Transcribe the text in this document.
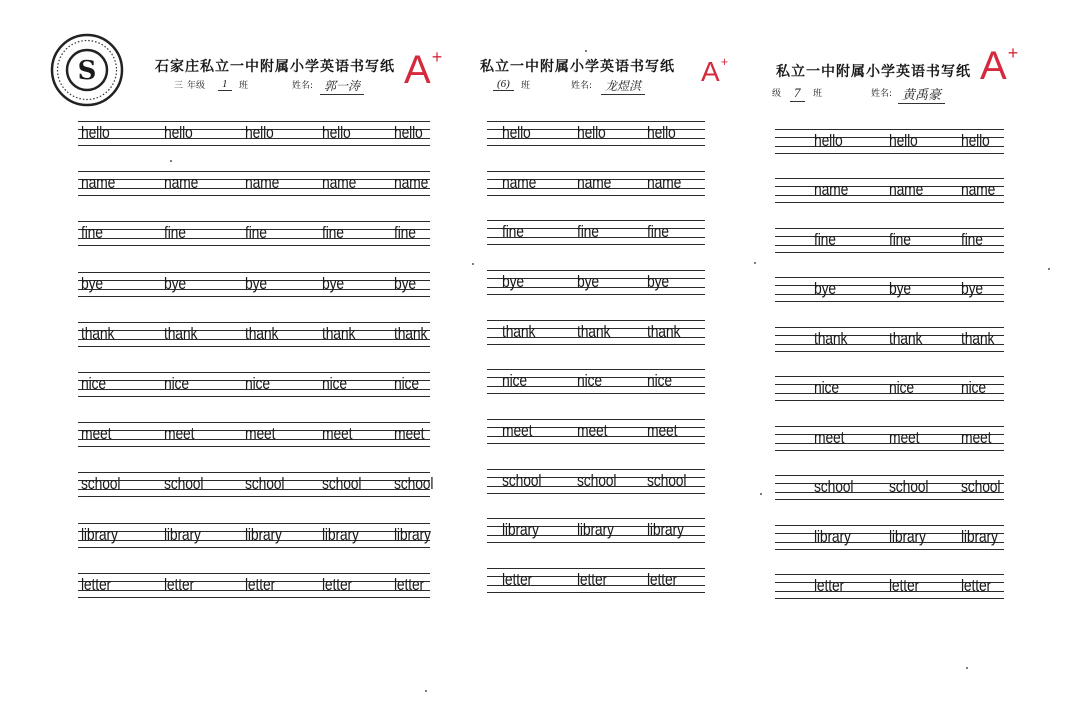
S	石家庄私立一中附属小学英语书写纸
三 年级	1	班	姓名: 郭一涛 A+
hello	hello	hello	hello	hello
name	name	name	name name
fine	fine	fine	fine	fine
bye	bye	bye	bye	bye
thank	thank	thank	thank thank
nice	nice	nice	nice	nice
meet	meet	meet	meet meet
school	school school school school
library	library	library library library
letter	letter	letter	letter letter
私立一中附属小学英语书写纸
(6)	班	姓名:	龙煜淇 A+
hello	hello hello
name name name
fine	fine	fine
bye	bye	bye
thank thank thank
nice	nice	nice
meet	meet meet
school school school
library library library
letter	letter letter
私立一中附属小学英语书写纸
级 7	班	姓名: 黄禹豪
A+
hello	hello	hello
name name name
fine	fine	fine
bye	bye	bye
thank thank thank
nice	nice	nice
meet	meet meet
school school school
library library library
letter	letter letter
